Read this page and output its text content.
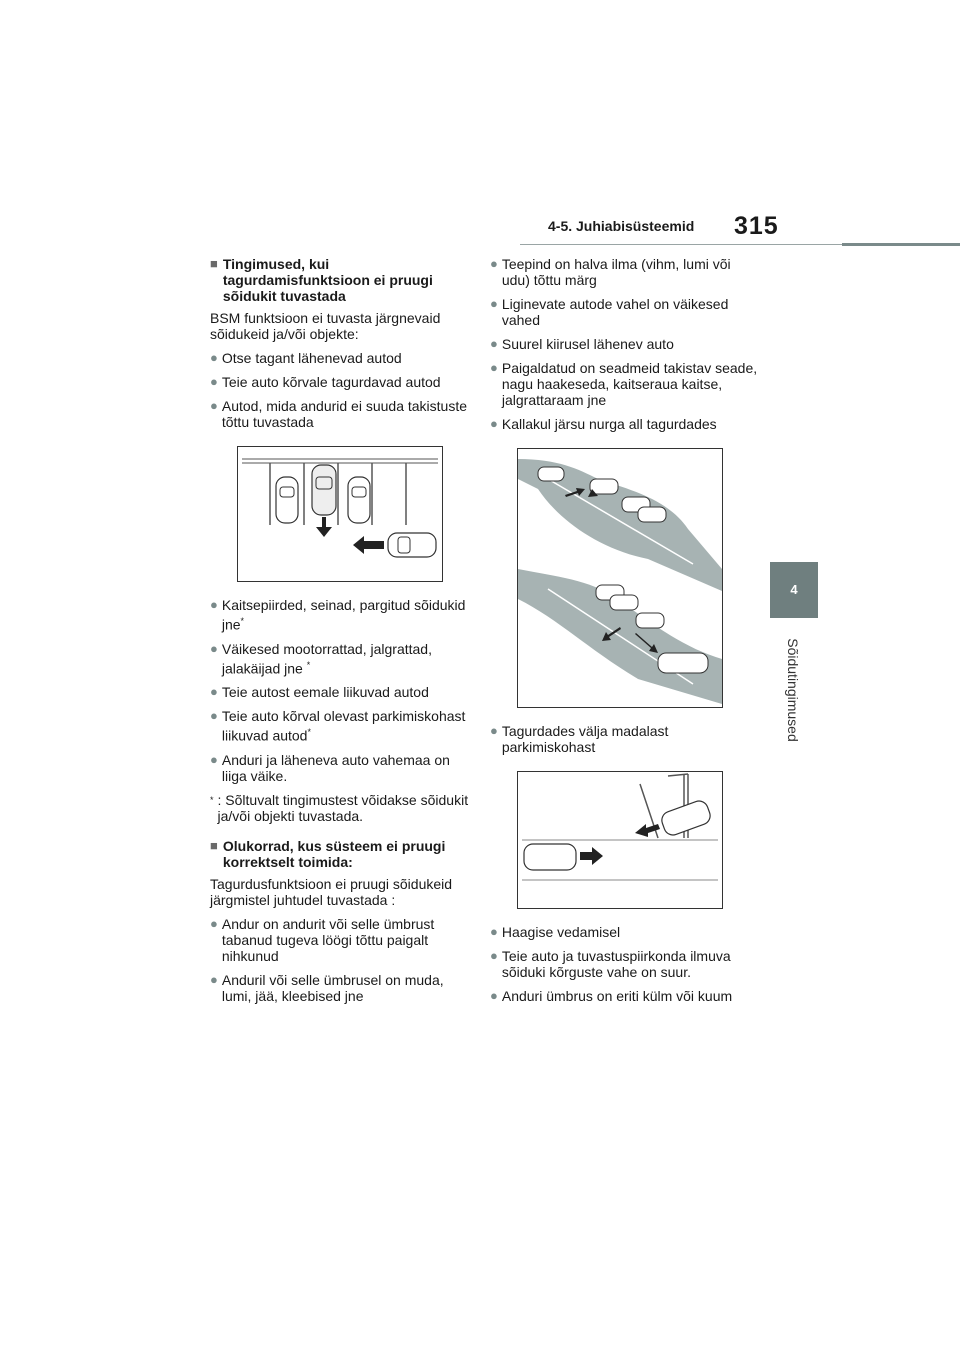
4-5. Juhiabisüsteemid 315
4
Sõidutingimused
■ Tingimused, kui tagurdamisfunktsioon ei pruugi sõidukit tuvastada

BSM funktsioon ei tuvasta järgnevaid sõidukeid ja/või objekte:

● Otse tagant lähenevad autod
● Teie auto kõrvale tagurdavad autod
● Autod, mida andurid ei suuda takistuste tõttu tuvastada
● Kaitsepiirded, seinad, pargitud sõidukid jne*
● Väikesed mootorrattad, jalgrattad, jalakäijad jne *
● Teie autost eemale liikuvad autod
● Teie auto kõrval olevast parkimiskohast liikuvad autod*
● Anduri ja läheneva auto vahemaa on liiga väike.
* : Sõltuvalt tingimustest võidakse sõidukit ja/või objekti tuvastada.
■ Olukorrad, kus süsteem ei pruugi korrektselt toimida:

Tagurdusfunktsioon ei pruugi sõidukeid järgmistel juhtudel tuvastada :

● Andur on andurit või selle ümbrust tabanud tugeva löögi tõttu paigalt nihkunud
● Anduril või selle ümbrusel on muda, lumi, jää, kleebised jne
● Teepind on halva ilma (vihm, lumi või udu) tõttu märg
● Liginevate autode vahel on väikesed vahed
● Suurel kiirusel lähenev auto
● Paigaldatud on seadmeid takistav seade, nagu haakeseda, kaitseraua kaitse, jalgrattaraam jne
● Kallakul järsu nurga all tagurdades
● Tagurdades välja madalast parkimiskohast
● Haagise vedamisel
● Teie auto ja tuvastuspiirkonda ilmuva sõiduki kõrguste vahe on suur.
● Anduri ümbrus on eriti külm või kuum
